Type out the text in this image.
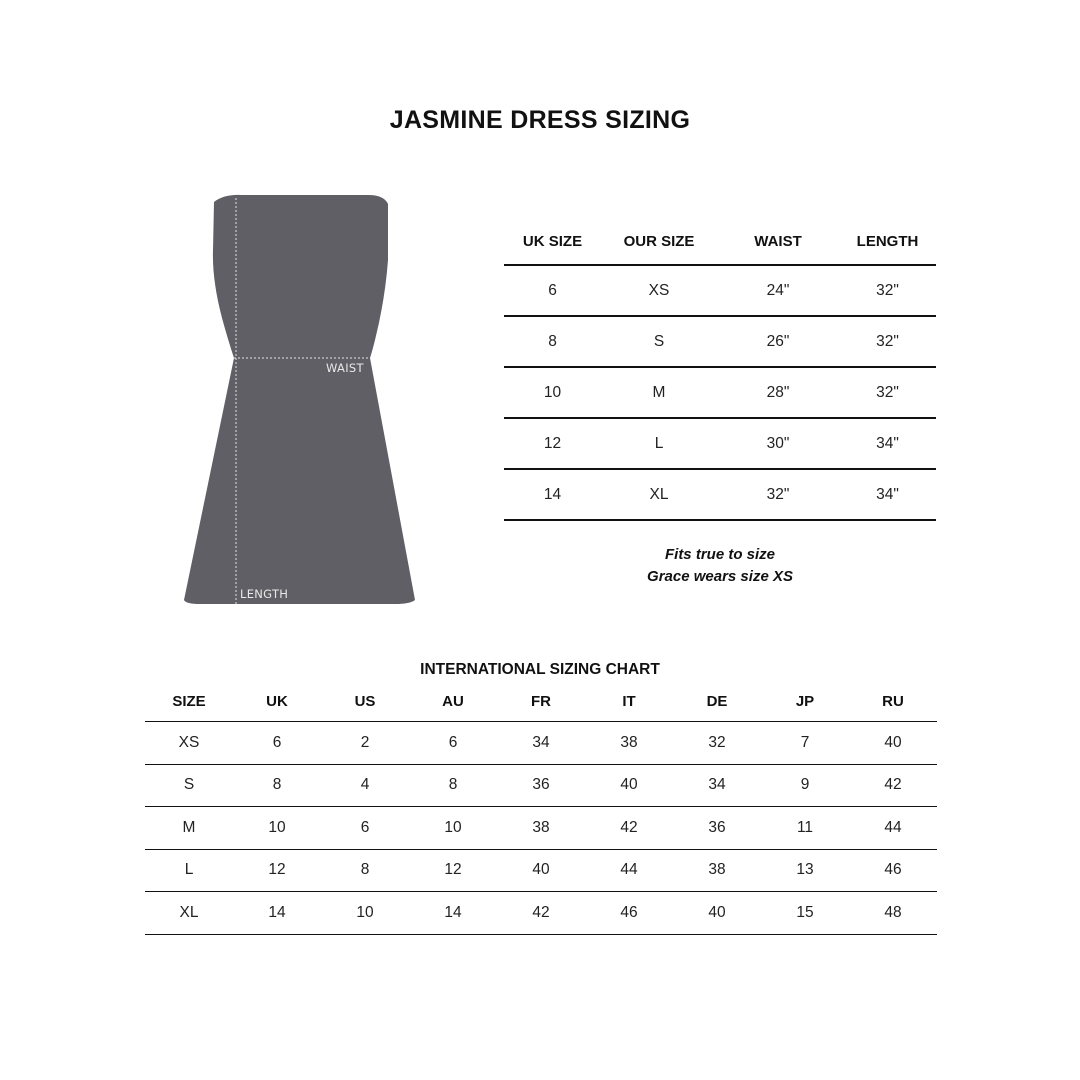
JASMINE DRESS SIZING
WAIST
LENGTH
UK SIZE	OUR SIZE	WAIST	LENGTH
6	XS	24"	32"
8	S	26"	32"
10	M	28"	32"
12	L	30"	34"
14	XL	32"	34"
Fits true to size
Grace wears size XS
INTERNATIONAL SIZING CHART
SIZE	UK	US	AU	FR	IT	DE	JP	RU
XS	6	2	6	34	38	32	7	40
S	8	4	8	36	40	34	9	42
M	10	6	10	38	42	36	11	44
L	12	8	12	40	44	38	13	46
XL	14	10	14	42	46	40	15	48
